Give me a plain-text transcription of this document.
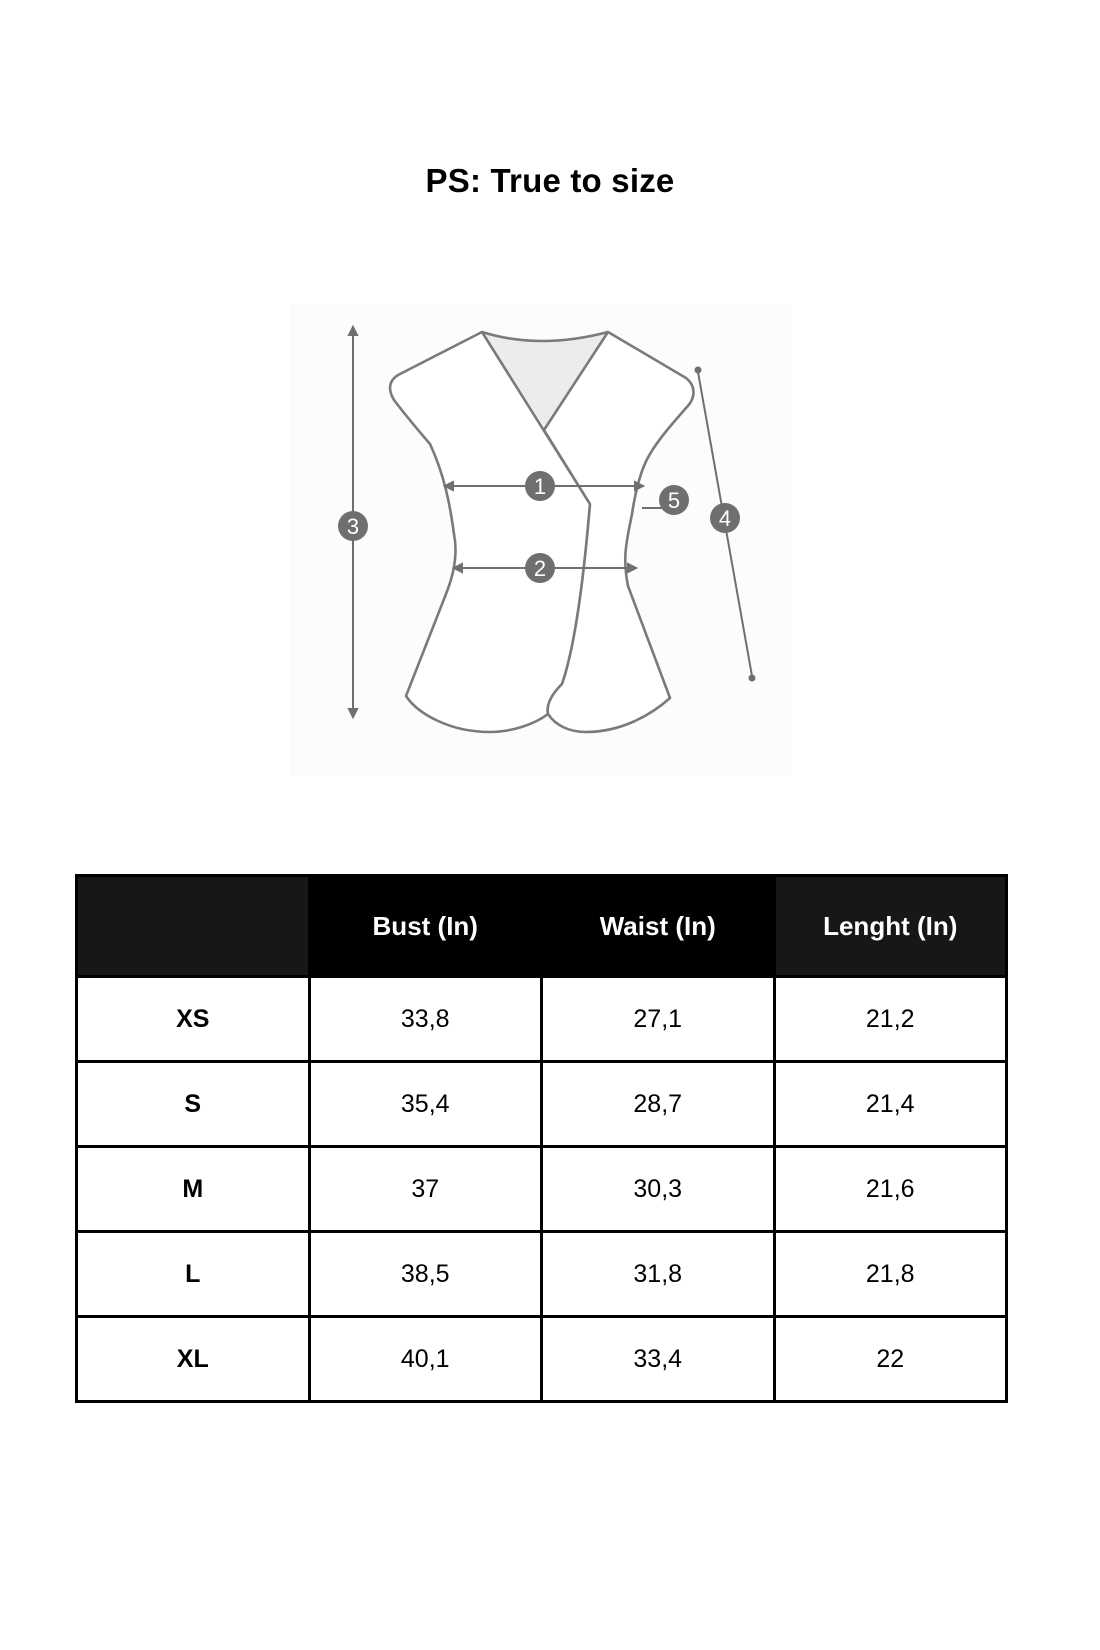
PS: True to size
1
2
3	4
5
	Bust (In)	Waist (In)	Lenght (In)
XS	33,8	27,1	21,2
S	35,4	28,7	21,4
M	37	30,3	21,6
L	38,5	31,8	21,8
XL	40,1	33,4	22
